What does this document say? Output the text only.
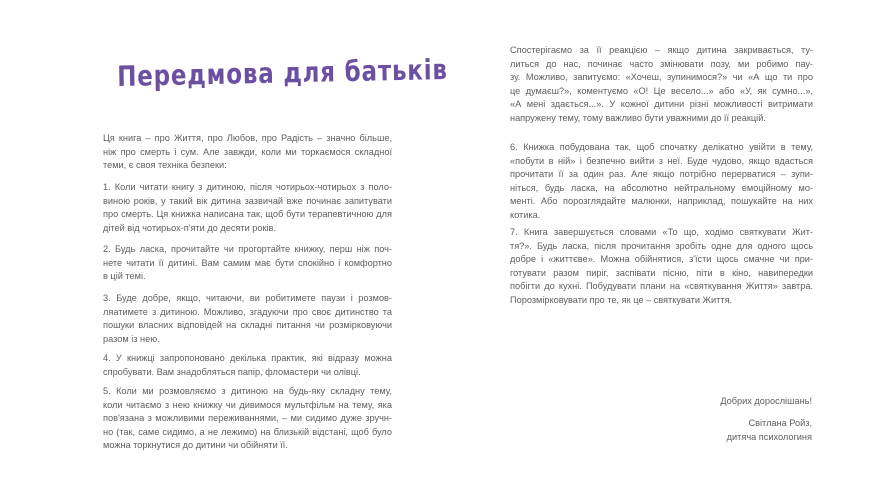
Передмова для батьків

Ця книга – про Життя, про Любов, про Радість – значно більше,
ніж про смерть і сум. Але завжди, коли ми торкаємося складної
теми, є своя техніка безпеки:

1. Коли читати книгу з дитиною, після чотирьох-чотирьох з поло-
виною років, у такий вік дитина зазвичай вже починає запитувати
про смерть. Ця книжка написана так, щоб бути терапевтичною для
дітей від чотирьох-п'яти до десяти років.

2. Будь ласка, прочитайте чи прогортайте книжку, перш ніж поч-
нете читати її дитині. Вам самим має бути спокійно і комфортно
в цій темі.

3. Буде добре, якщо, читаючи, ви робитимете паузи і розмов-
ляатимете з дитиною. Можливо, згадуючи про своє дитинство та
пошуки власних відповідей на складні питання чи розмірковуючи
разом із нею.

4. У книжці запропоновано декілька практик, які відразу можна
спробувати. Вам знадобляться папір, фломастери чи олівці.

5. Коли ми розмовляємо з дитиною на будь-яку складну тему,
коли читаємо з нею книжку чи дивимося мультфільм на тему, яка
пов'язана з можливими переживаннями, – ми сидимо дуже зручн-
но (так, саме сидимо, а не лежимо) на близькій відстані, щоб було
можна торкнутися до дитини чи обійняти її.

Спостерігаємо за її реакцією – якщо дитина закривається, ту-
литься до нас, починає часто змінювати позу, ми робимо пау-
зу. Можливо, запитуємо: «Хочеш, зупинимося?» чи «А що ти про
це думаєш?», коментуємо «О! Це весело...» або «У, як сумно...»,
«А мені здається...». У кожної дитини різні можливості витримати
напружену тему, тому важливо бути уважними до її реакцій.

6. Книжка побудована так, щоб спочатку делікатно увійти в тему,
«побути в ній» і безпечно вийти з неї. Буде чудово, якщо вдасться
прочитати її за один раз. Але якщо потрібно перерватися – зупи-
ніться, будь ласка, на абсолютно нейтральному емоційному мо-
менті. Або порозглядайте малюнки, наприклад, пошукайте на них
котика.

7. Книга завершується словами «То що, ходімо святкувати Жит-
тя?». Будь ласка, після прочитання зробіть одне для одного щось
добре і «життєве». Можна обійнятися, з'їсти щось смачне чи при-
готувати разом пиріг, заспівати пісню, піти в кіно, навипередки
побігти до кухні. Побудувати плани на «святкування Життя» завтра.
Порозмірковувати про те, як це – святкувати Життя.

Добрих дорослішань!

Світлана Ройз,
дитяча психологиня
